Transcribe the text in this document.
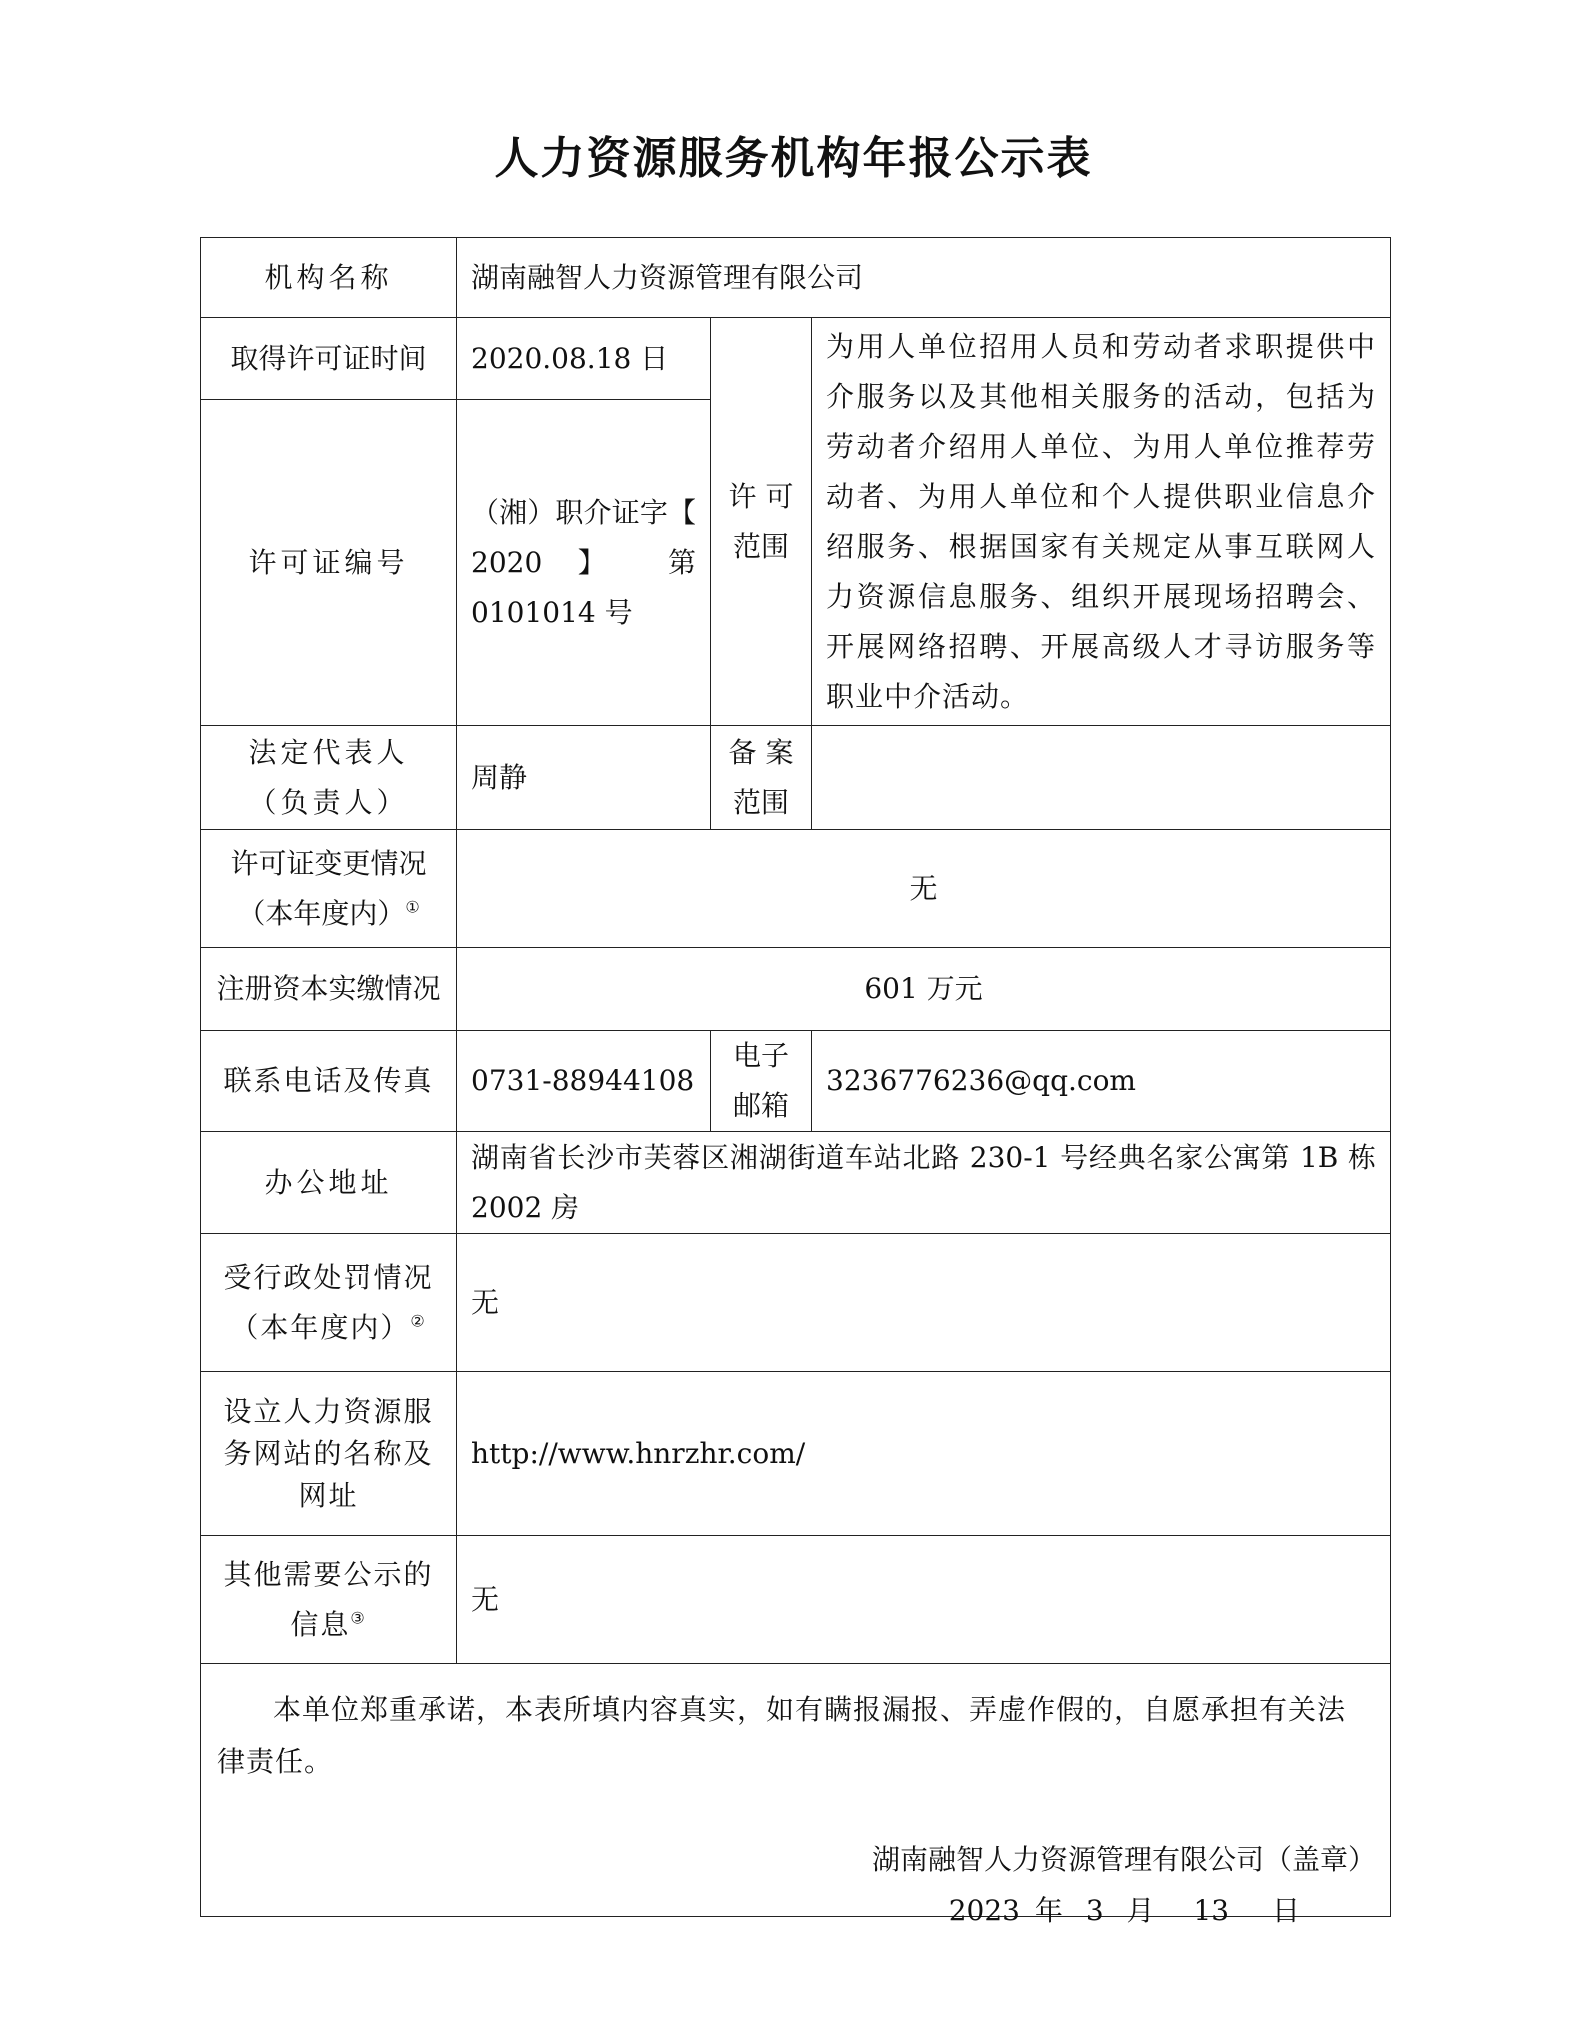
人力资源服务机构年报公示表
机构名称	湖南融智人力资源管理有限公司		
取得许可证时间	2020.08.18 日	许 可 范围	为用人单位招用人员和劳动者求职提供中介服务以及其他相关服务的活动，包括为劳动者介绍用人单位、为用人单位推荐劳动者、为用人单位和个人提供职业信息介绍服务、根据国家有关规定从事互联网人力资源信息服务、组织开展现场招聘会、开展网络招聘、开展高级人才寻访服务等职业中介活动。
许可证编号	（湘）职介证字【 2020 】 第 0101014 号		
法定代表人（负责人）	周静	备 案 范围	
许可证变更情况（本年度内）①	无		
注册资本实缴情况	601 万元		
联系电话及传真	0731-88944108	电子 邮箱	3236776236@qq.com
办公地址	湖南省长沙市芙蓉区湘湖街道车站北路 230-1 号经典名家公寓第 1B 栋 2002 房		
受行政处罚情况（本年度内）②	无		
设立人力资源服务网站的名称及网址	http://www.hnrzhr.com/		
其他需要公示的信息③	无		

本单位郑重承诺，本表所填内容真实，如有瞒报漏报、弄虚作假的，自愿承担有关法律责任。

湖南融智人力资源管理有限公司（盖章）
2023 年 3 月 13 日			
